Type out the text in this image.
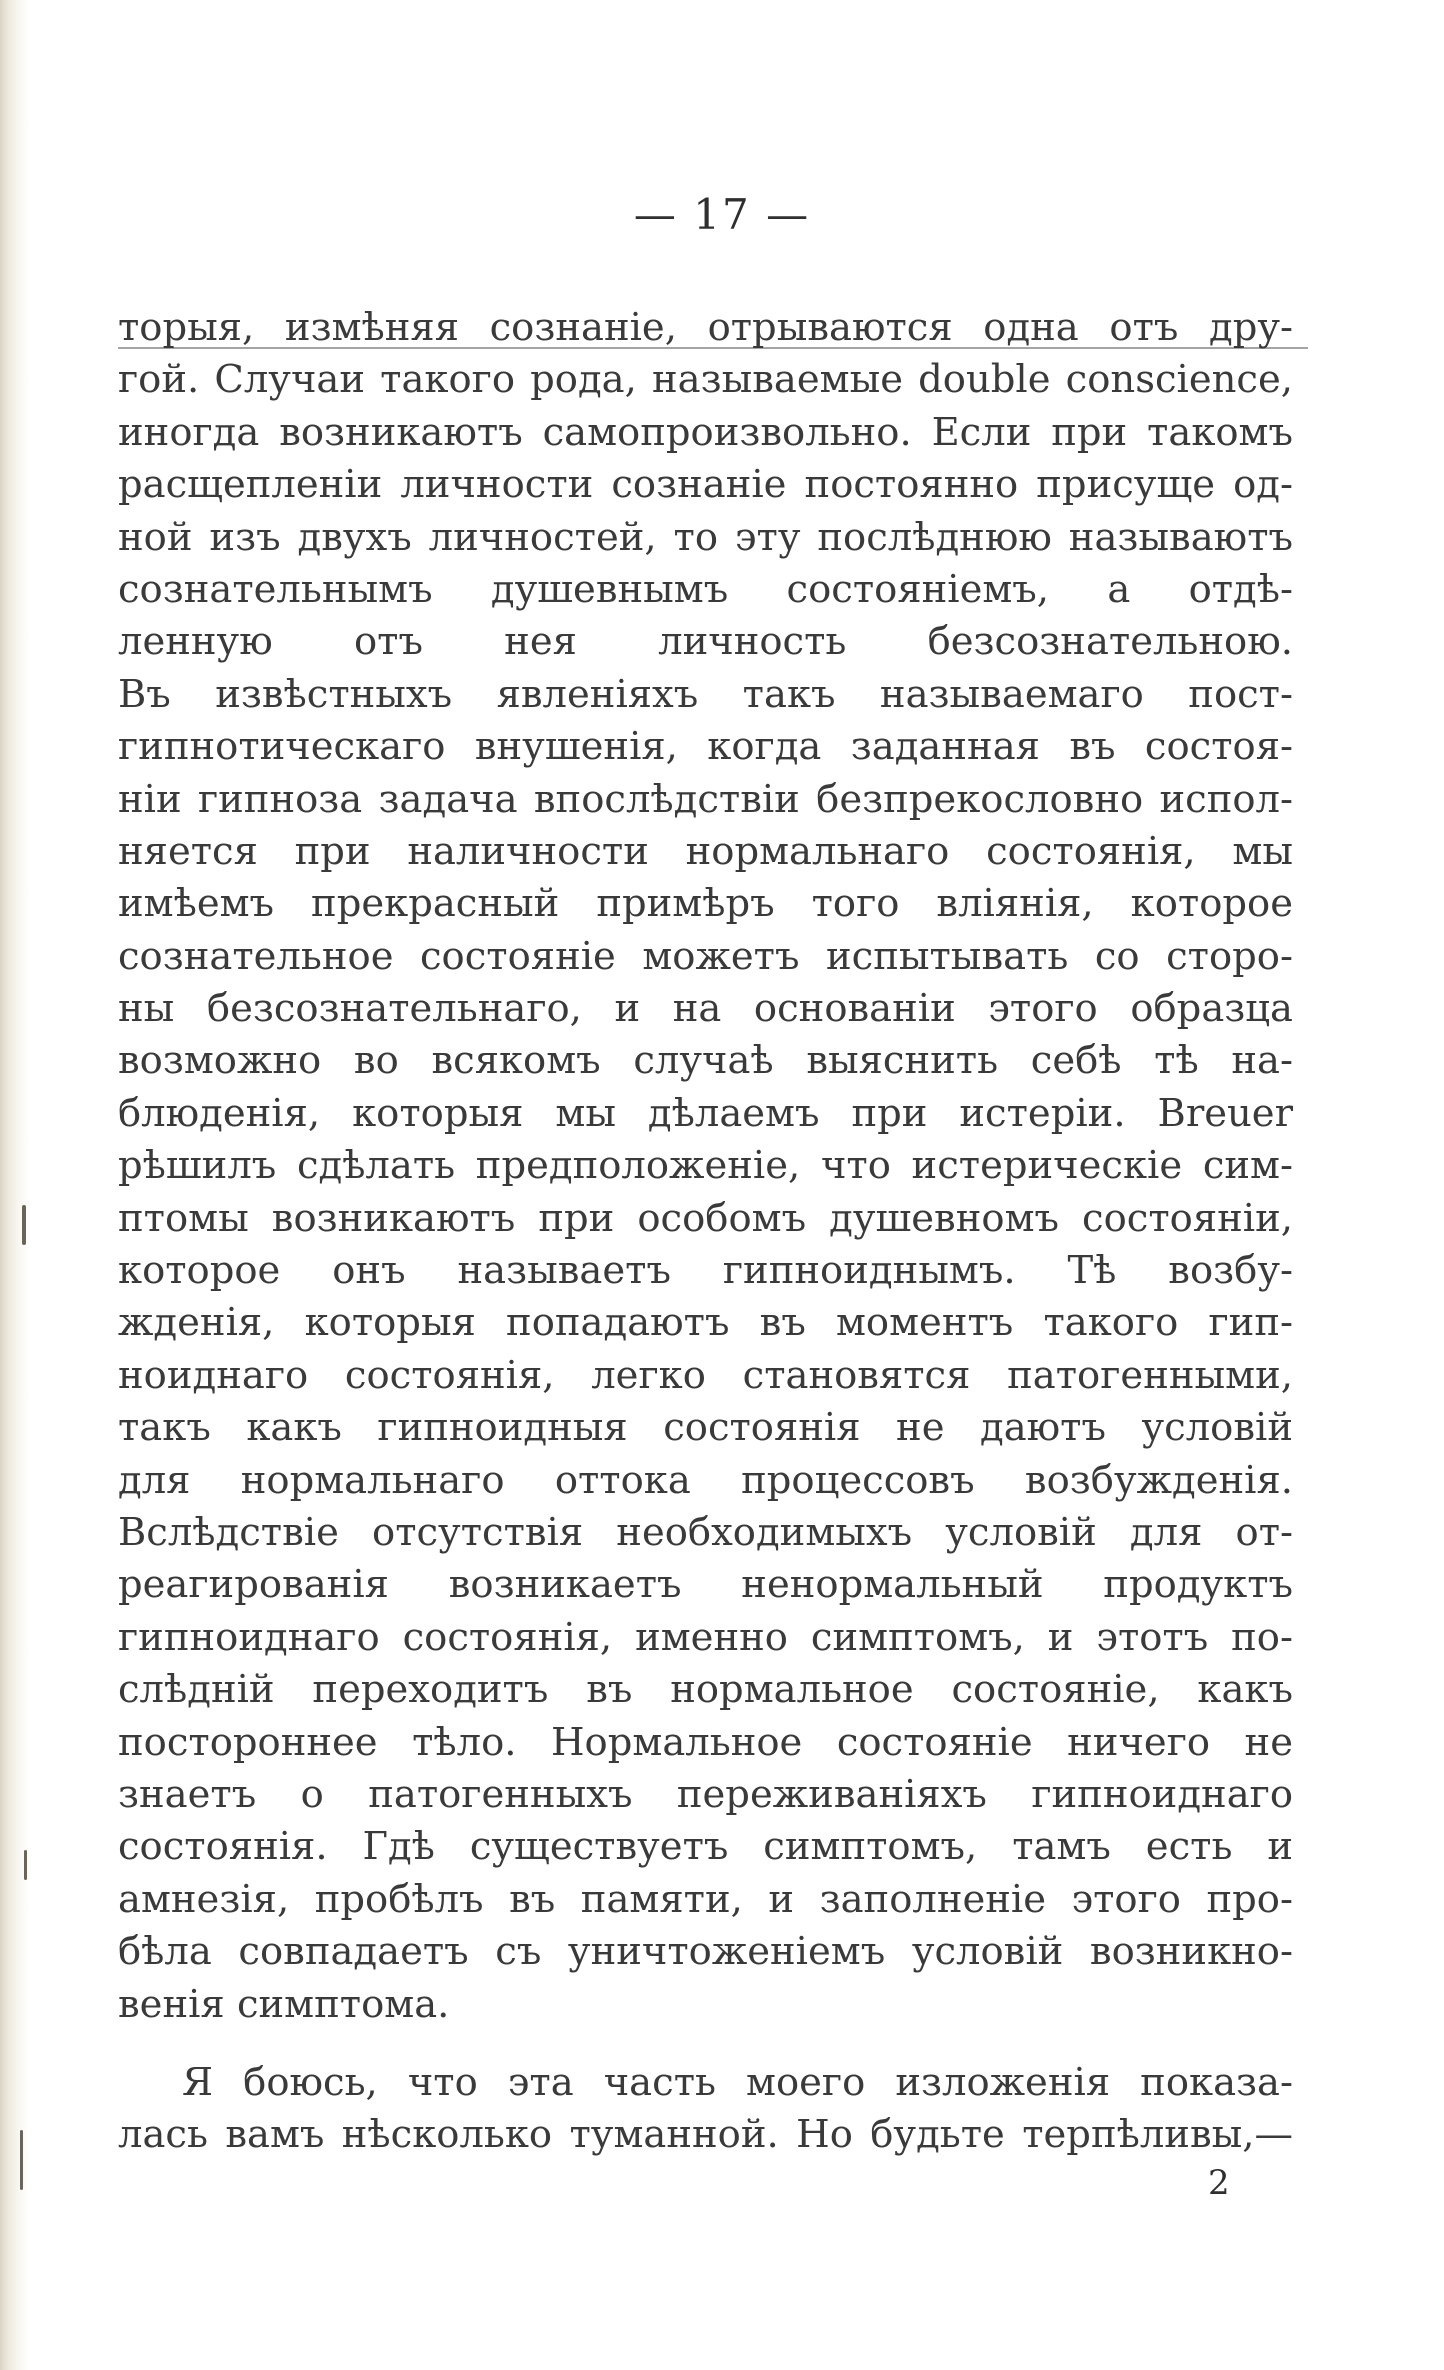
— 17 —
торыя, измѣняя сознаніе, отрываются одна отъ дру-
гой. Случаи такого рода, называемые double conscience,
иногда возникаютъ самопроизвольно. Если при такомъ
расщепленіи личности сознаніе постоянно присуще од-
ной изъ двухъ личностей, то эту послѣднюю называютъ
сознательнымъ душевнымъ состояніемъ, а отдѣ-
ленную отъ нея личность безсознательною.
Въ извѣстныхъ явленіяхъ такъ называемаго пост-
гипнотическаго внушенія, когда заданная въ состоя-
ніи гипноза задача впослѣдствіи безпрекословно испол-
няется при наличности нормальнаго состоянія, мы
имѣемъ прекрасный примѣръ того вліянія, которое
сознательное состояніе можетъ испытывать со сторо-
ны безсознательнаго, и на основаніи этого образца
возможно во всякомъ случаѣ выяснить себѣ тѣ на-
блюденія, которыя мы дѣлаемъ при истеріи. Breuer
рѣшилъ сдѣлать предположеніе, что истерическіе сим-
птомы возникаютъ при особомъ душевномъ состояніи,
которое онъ называетъ гипноиднымъ. Тѣ возбу-
жденія, которыя попадаютъ въ моментъ такого гип-
ноиднаго состоянія, легко становятся патогенными,
такъ какъ гипноидныя состоянія не даютъ условій
для нормальнаго оттока процессовъ возбужденія.
Вслѣдствіе отсутствія необходимыхъ условій для от-
реагированія возникаетъ ненормальный продуктъ
гипноиднаго состоянія, именно симптомъ, и этотъ по-
слѣдній переходитъ въ нормальное состояніе, какъ
постороннее тѣло. Нормальное состояніе ничего не
знаетъ о патогенныхъ переживаніяхъ гипноиднаго
состоянія. Гдѣ существуетъ симптомъ, тамъ есть и
амнезія, пробѣлъ въ памяти, и заполненіе этого про-
бѣла совпадаетъ съ уничтоженіемъ условій возникно-
венія симптома.
Я боюсь, что эта часть моего изложенія показа-
лась вамъ нѣсколько туманной. Но будьте терпѣливы,—
2
